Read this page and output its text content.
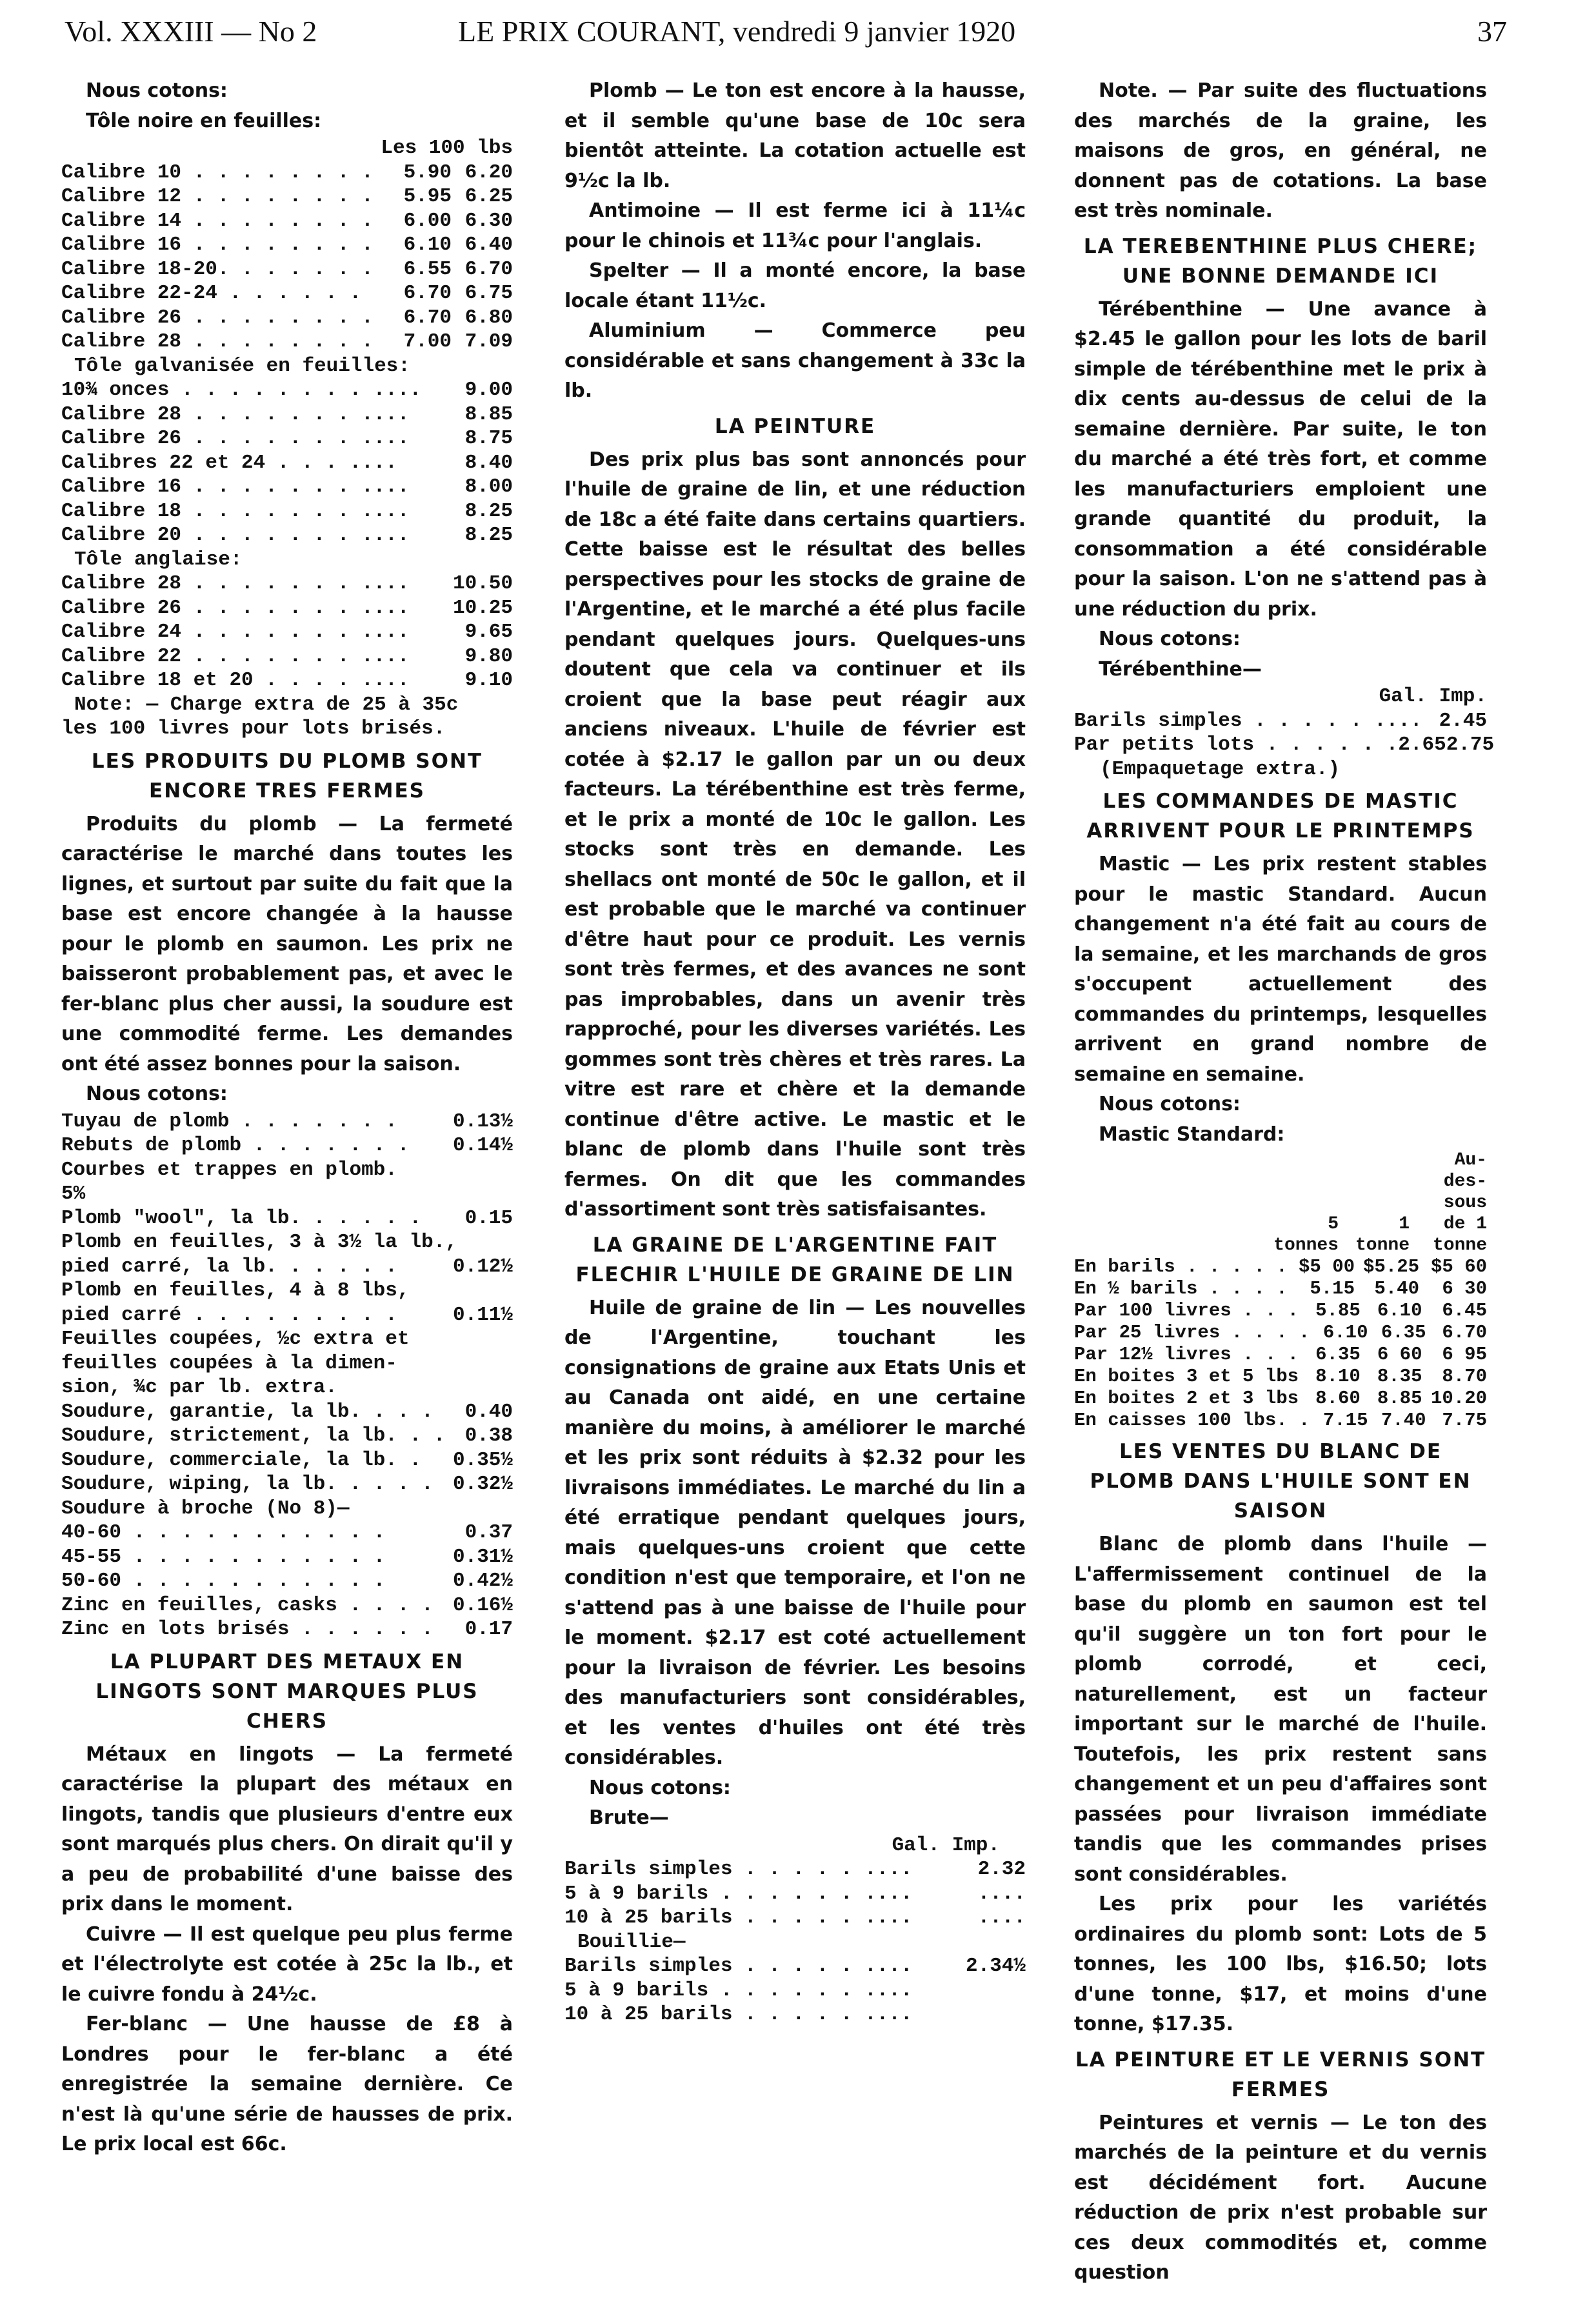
Vol. XXXIII — No 2	LE PRIX COURANT, vendredi 9 janvier 1920	37
Nous cotons:
Tôle noire en feuilles:
Les 100 lbs
Calibre 10 . . . . . . . .	5.90 6.20
Calibre 12 . . . . . . . .	5.95 6.25
Calibre 14 . . . . . . . .	6.00 6.30
Calibre 16 . . . . . . . .	6.10 6.40
Calibre 18-20. . . . . . .	6.55 6.70
Calibre 22-24 . . . . . .	6.70 6.75
Calibre 26 . . . . . . . .	6.70 6.80
Calibre 28 . . . . . . . .	7.00 7.09
Tôle galvanisée en feuilles:
10¾ onces . . . . . . . . ....	9.00
Calibre 28 . . . . . . . ....	8.85
Calibre 26 . . . . . . . ....	8.75
Calibres 22 et 24 . . . ....	8.40
Calibre 16 . . . . . . . ....	8.00
Calibre 18 . . . . . . . ....	8.25
Calibre 20 . . . . . . . ....	8.25
Tôle anglaise:
Calibre 28 . . . . . . . ....	10.50
Calibre 26 . . . . . . . ....	10.25
Calibre 24 . . . . . . . ....	9.65
Calibre 22 . . . . . . . ....	9.80
Calibre 18 et 20 . . . . ....	9.10
Note: — Charge extra de 25 à 35c
les 100 livres pour lots brisés.
LES PRODUITS DU PLOMB SONT ENCORE TRES FERMES

Produits du plomb — La fermeté caractérise le marché dans toutes les lignes, et surtout par suite du fait que la base est encore changée à la hausse pour le plomb en saumon. Les prix ne baisseront probablement pas, et avec le fer-blanc plus cher aussi, la soudure est une commodité ferme. Les demandes ont été assez bonnes pour la saison.

Nous cotons:
Tuyau de plomb . . . . . . .	0.13½
Rebuts de plomb . . . . . . .	0.14½
Courbes et trappes en plomb.
5%
Plomb "wool", la lb. . . . . .	0.15
Plomb en feuilles, 3 à 3½ la lb.,
pied carré, la lb. . . . . .	0.12½
Plomb en feuilles, 4 à 8 lbs,
pied carré . . . . . . . . .	0.11½
Feuilles coupées, ½c extra et
feuilles coupées à la dimen-
sion, ¾c par lb. extra.
Soudure, garantie, la lb. . . .	0.40
Soudure, strictement, la lb. . . 0.38
Soudure, commerciale, la lb. .	0.35½
Soudure, wiping, la lb. . . . . 0.32½
Soudure à broche (No 8)—
40-60 . . . . . . . . . . .	0.37
45-55 . . . . . . . . . . .	0.31½
50-60 . . . . . . . . . . .	0.42½
Zinc en feuilles, casks . . . . 0.16½
Zinc en lots brisés . . . . . .	0.17
LA PLUPART DES METAUX EN LINGOTS SONT MARQUES PLUS CHERS

Métaux en lingots — La fermeté caractérise la plupart des métaux en lingots, tandis que plusieurs d'entre eux sont marqués plus chers. On dirait qu'il y a peu de probabilité d'une baisse des prix dans le moment.

Cuivre — Il est quelque peu plus ferme et l'électrolyte est cotée à 25c la lb., et le cuivre fondu à 24½c.

Fer-blanc — Une hausse de £8 à Londres pour le fer-blanc a été enregistrée la semaine dernière. Ce n'est là qu'une série de hausses de prix. Le prix local est 66c.

Plomb — Le ton est encore à la hausse, et il semble qu'une base de 10c sera bientôt atteinte. La cotation actuelle est 9½c la lb.

Antimoine — Il est ferme ici à 11¼c pour le chinois et 11¾c pour l'anglais.

Spelter — Il a monté encore, la base locale étant 11½c.

Aluminium — Commerce peu considérable et sans changement à 33c la lb.

LA PEINTURE

Des prix plus bas sont annoncés pour l'huile de graine de lin, et une réduction de 18c a été faite dans certains quartiers. Cette baisse est le résultat des belles perspectives pour les stocks de graine de l'Argentine, et le marché a été plus facile pendant quelques jours. Quelques-uns doutent que cela va continuer et ils croient que la base peut réagir aux anciens niveaux. L'huile de février est cotée à $2.17 le gallon par un ou deux facteurs. La térébenthine est très ferme, et le prix a monté de 10c le gallon. Les stocks sont très en demande. Les shellacs ont monté de 50c le gallon, et il est probable que le marché va continuer d'être haut pour ce produit. Les vernis sont très fermes, et des avances ne sont pas improbables, dans un avenir très rapproché, pour les diverses variétés. Les gommes sont très chères et très rares. La vitre est rare et chère et la demande continue d'être active. Le mastic et le blanc de plomb dans l'huile sont très fermes. On dit que les commandes d'assortiment sont très satisfaisantes.

LA GRAINE DE L'ARGENTINE FAIT FLECHIR L'HUILE DE GRAINE DE LIN

Huile de graine de lin — Les nouvelles de l'Argentine, touchant les consignations de graine aux Etats Unis et au Canada ont aidé, en une certaine manière du moins, à améliorer le marché et les prix sont réduits à $2.32 pour les livraisons immédiates. Le marché du lin a été erratique pendant quelques jours, mais quelques-uns croient que cette condition n'est que temporaire, et l'on ne s'attend pas à une baisse de l'huile pour le moment. $2.17 est coté actuellement pour la livraison de février. Les besoins des manufacturiers sont considérables, et les ventes d'huiles ont été très considérables.

Nous cotons:
Brute—
Gal. Imp.
Barils simples . . . . . ....	2.32
5 à 9 barils . . . . . . ....	....
10 à 25 barils . . . . . ....	....
Bouillie—
Barils simples . . . . . ....	2.34½
5 à 9 barils . . . . . . ....
10 à 25 barils . . . . . ....

Note. — Par suite des fluctuations des marchés de la graine, les maisons de gros, en général, ne donnent pas de cotations. La base est très nominale.

LA TEREBENTHINE PLUS CHERE; UNE BONNE DEMANDE ICI

Térébenthine — Une avance à $2.45 le gallon pour les lots de baril simple de térébenthine met le prix à dix cents au-dessus de celui de la semaine dernière. Par suite, le ton du marché a été très fort, et comme les manufacturiers emploient une grande quantité du produit, la consommation a été considérable pour la saison. L'on ne s'attend pas à une réduction du prix.

Nous cotons:
Térébenthine—
Gal. Imp.
Barils simples . . . . . .... 2.45
Par petits lots . . . . . . 2.65 2.75
(Empaquetage extra.)
LES COMMANDES DE MASTIC ARRIVENT POUR LE PRINTEMPS

Mastic — Les prix restent stables pour le mastic Standard. Aucun changement n'a été fait au cours de la semaine, et les marchands de gros s'occupent actuellement des commandes du printemps, lesquelles arrivent en grand nombre de semaine en semaine.

Nous cotons:
Mastic Standard:
Au-
des-
sous
5	1	de 1
tonnes tonne	tonne
En barils . . . . . $5 00 $5.25 $5 60
En ½ barils . . . .	5.15	5.40	6 30
Par 100 livres . . . 5.85 6.10	6.45
Par 25 livres . . . . 6.10 6.35 6.70
Par 12½ livres . . . 6.35 6 60	6 95
En boites 3 et 5 lbs 8.10 8.35	8.70
En boites 2 et 3 lbs 8.60 8.85 10.20
En caisses 100 lbs. . 7.15 7.40 7.75
LES VENTES DU BLANC DE PLOMB DANS L'HUILE SONT EN SAISON

Blanc de plomb dans l'huile — L'affermissement continuel de la base du plomb en saumon est tel qu'il suggère un ton fort pour le plomb corrodé, et ceci, naturellement, est un facteur important sur le marché de l'huile. Toutefois, les prix restent sans changement et un peu d'affaires sont passées pour livraison immédiate tandis que les commandes prises sont considérables.

Les prix pour les variétés ordinaires du plomb sont: Lots de 5 tonnes, les 100 lbs, $16.50; lots d'une tonne, $17, et moins d'une tonne, $17.35.

LA PEINTURE ET LE VERNIS SONT FERMES

Peintures et vernis — Le ton des marchés de la peinture et du vernis est décidément fort. Aucune réduction de prix n'est probable sur ces deux commodités et, comme question
